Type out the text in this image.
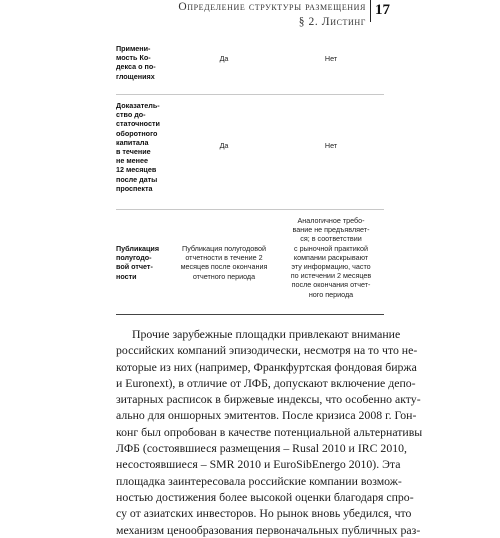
Определение структуры размещения
§ 2. Листинг
17
Примени-
мость Ко-
декса о по-
глощениях
Да	Нет
Доказатель-
ство до-
статочности
оборотного
капитала
в течение
не менее
12 месяцев
после даты
проспекта
Да	Нет
Публикация
полугодо-
вой отчет-
ности
Публикация полугодовой
отчетности в течение 2
месяцев после окончания
отчетного периода
Аналогичное требо-
вание не предъявляет-
ся; в соответствии
с рыночной практикой
компании раскрывают
эту информацию, часто
по истечении 2 месяцев
после окончания отчет-
ного периода
Прочие зарубежные площадки привлекают внимание
российских компаний эпизодически, несмотря на то что не-
которые из них (например, Франкфуртская фондовая биржа
и Euronext), в отличие от ЛФБ, допускают включение депо-
зитарных расписок в биржевые индексы, что особенно акту-
ально для оншорных эмитентов. После кризиса 2008 г. Гон-
конг был опробован в качестве потенциальной альтернативы
ЛФБ (состоявшиеся размещения – Rusal 2010 и IRC 2010,
несостоявшиеся – SMR 2010 и EuroSibEnergo 2010). Эта
площадка заинтересовала российские компании возмож-
ностью достижения более высокой оценки благодаря спро-
су от азиатских инвесторов. Но рынок вновь убедился, что
механизм ценообразования первоначальных публичных раз-
